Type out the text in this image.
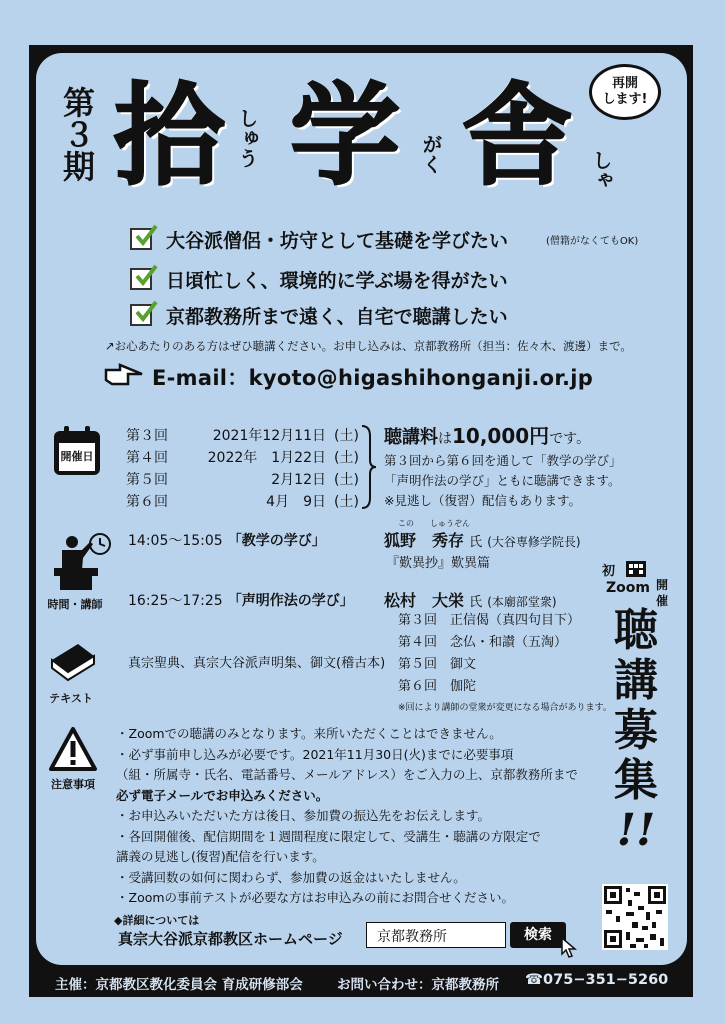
第３期 拾 しゅう 学 がく 舎 しゃ
再開
します!
大谷派僧侶・坊守として基礎を学びたい	(僧籍がなくてもOK)
日頃忙しく、環境的に学ぶ場を得がたい
京都教務所まで遠く、自宅で聴講したい
↗お心あたりのある方はぜひ聴講ください。お申し込みは、京都教務所（担当：佐々木、渡邊）まで。
E-mail：kyoto@higashihonganji.or.jp
開催日
第３回	2021年12月11日	(土)
第４回	2022年　1月22日	(土)
第５回	2月12日	(土)
第６回	4月　9日	(土)
聴講料は10,000円です。
第３回から第６回を通して「教学の学び」
「声明作法の学び」ともに聴講できます。
※見逃し（復習）配信もあります。
時間・講師
14:05〜15:05 「教学の学び」
この　　しゅうぞん
狐野　秀存 氏 (大谷専修学院長)
『歎異抄』歎異篇
16:25〜17:25 「声明作法の学び」 松村　大栄 氏 (本廟部堂衆)
第３回　 正信偈（真四句目下）
第４回　 念仏・和讃（五淘）
第５回　 御文
第６回　 伽陀
※回により講師の堂衆が変更になる場合があります。
テキスト
真宗聖典、真宗大谷派声明集、御文(稽古本)
注意事項
・Zoomでの聴講のみとなります。来所いただくことはできません。
・必ず事前申し込みが必要です。2021年11月30日(火)までに必要事項
（組・所属寺・氏名、電話番号、メールアドレス）をご入力の上、京都教務所まで
必ず電子メールでお申込みください。
・お申込みいただいた方は後日、参加費の振込先をお伝えします。
・各回開催後、配信期間を１週間程度に限定して、受講生・聴講の方限定で
講義の見逃し(復習)配信を行います。
・受講回数の如何に関わらず、参加費の返金はいたしません。
・Zoomの事前テストが必要な方はお申込みの前にお問合せください。
初
開
Zoom
催
聴
講
募
集
!!
◆詳細については
真宗大谷派京都教区ホームページ 京都教務所	検索
主催：京都教区教化委員会 育成研修部会	お問い合わせ：京都教務所 ☎075−351−5260
